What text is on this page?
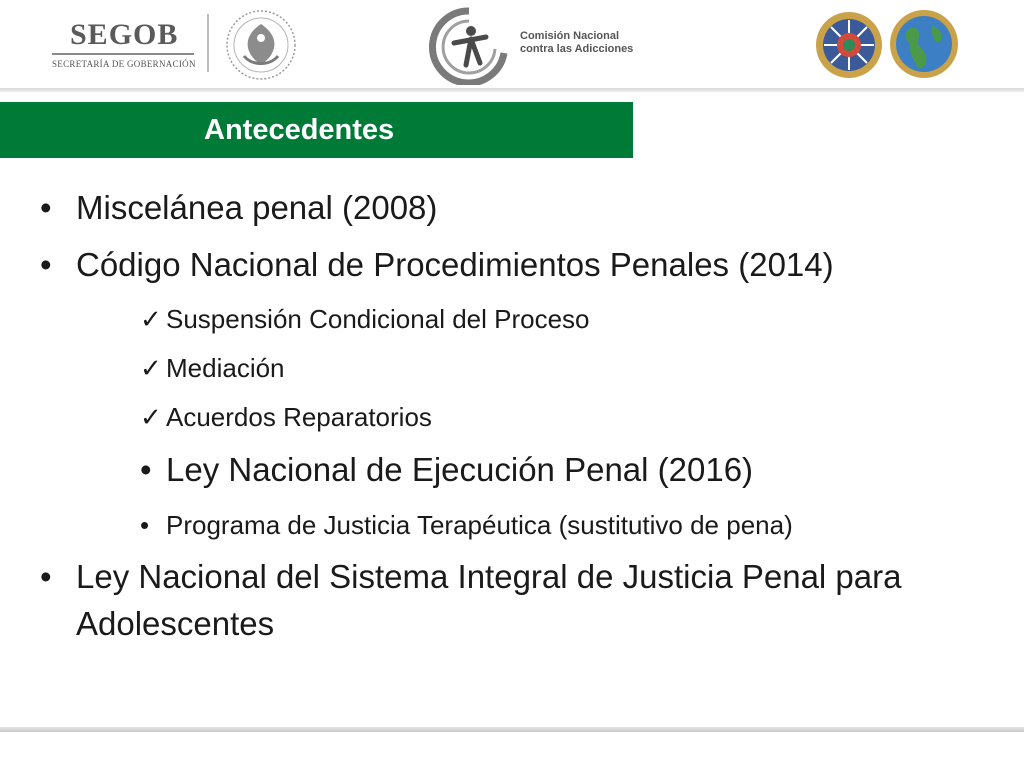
SEGOB
SECRETARÍA DE GOBERNACIÓN
Comisión Nacional
contra las Adicciones
Antecedentes
• Miscelánea penal (2008)
• Código Nacional de Procedimientos Penales (2014)
✓ Suspensión Condicional del Proceso
✓ Mediación
✓ Acuerdos Reparatorios
• Ley Nacional de Ejecución Penal (2016)
• Programa de Justicia Terapéutica (sustitutivo de pena)
• Ley Nacional del Sistema Integral de Justicia Penal para
Adolescentes
